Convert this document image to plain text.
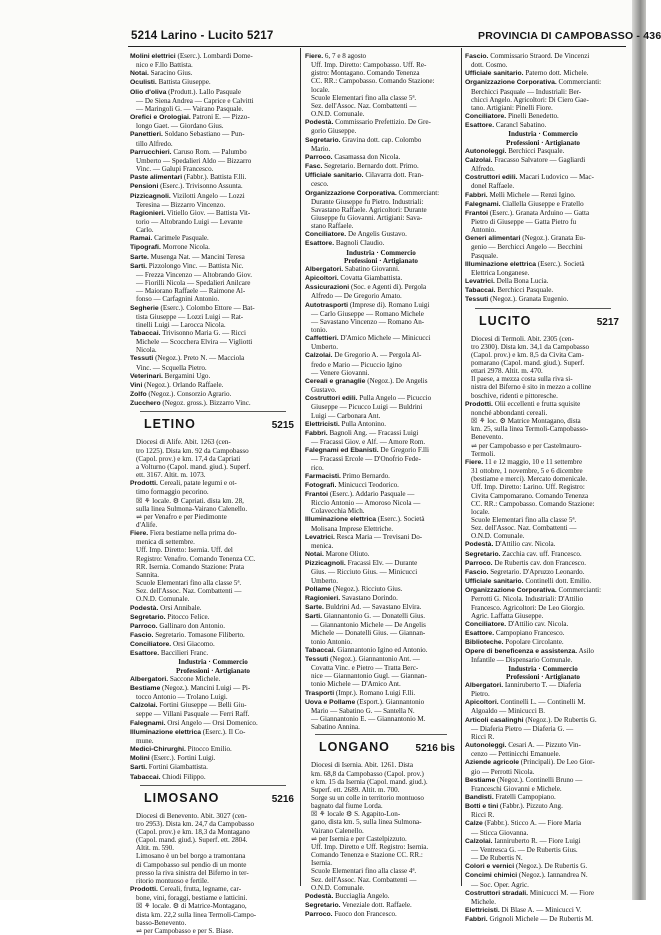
5214 Larino - Lucito 5217	PROVINCIA DI CAMPOBASSO - 436
Molini elettrici (Eserc.). Lombardi Dome-
nico e F.llo Battista.
Notai. Saracino Gius.
Oculisti. Battista Giuseppe.
Olio d'oliva (Produtt.). Lallo Pasquale
— De Siena Andrea — Caprice e Calvitti
— Maringoli G. — Vairano Pasquale.
Orefici e Orologiai. Patroni E. — Pizzo-
longo Gaet. — Giordano Gius.
Panettieri. Soldano Sebastiano — Pun-
tillo Alfredo.
Parrucchieri. Caruso Rom. — Palumbo
Umberto — Spedalieri Aldo — Bizzarro
Vinc. — Galupi Francesco.
Paste alimentari (Fabbr.). Battista F.lli.
Pensioni (Eserc.). Trivisonno Assunta.
Pizzicagnoli. Vizilotti Angelo — Lozzi
Teresina — Bizzarro Vincenzo.
Ragionieri. Vitiello Giov. — Battista Vit-
torio — Altobrando Luigi — Levante
Carlo.
Ramai. Carimele Pasquale.
Tipografi. Morrone Nicola.
Sarte. Musenga Nat. — Mancini Teresa
Sarti. Pizzolongo Vinc. — Battista Nic.
— Frezza Vincenzo — Altobrando Giov.
— Fiorilli Nicola — Spedalieri Anilcare
— Maiorano Raffaele — Raimone Al-
fonso — Carfagnini Antonio.
Segherie (Eserc.). Colombo Ettore — Bat-
tista Giuseppe — Lozzi Luigi — Rat-
tinelli Luigi — Larocca Nicola.
Tabaccai. Trivisonno Maria G. — Ricci
Michele — Scocchera Elvira — Vigliotti
Nicola.
Tessuti (Negoz.). Preto N. — Macciola
Vinc. — Scquella Pietro.
Veterinari. Bergamini Ugo.
Vini (Negoz.). Orlando Raffaele.
Zolfo (Negoz.). Consorzio Agrario.
Zucchero (Negoz. gross.). Bizzarro Vinc.
LETINO	5215
Diocesi di Alife. Abit. 1263 (cen-
tro 1225). Dista km. 92 da Campobasso
(Capol. prov.) e km. 17,4 da Capriati
a Volturno (Capol. mand. giud.). Superf.
ett. 3167. Altit. m. 1073.
Prodotti. Cereali, patate legumi e ot-
timo formaggio pecorino.
☒ ⚘ locale. ⚙ Capriati. dista km. 28,
sulla linea Sulmona-Vairano Calenello.
⇌ per Venafro e per Piedimonte
d'Alife.
Fiere. Fiera bestiame nella prima do-
menica di settembre.
Uff. Imp. Diretto: Isernia. Uff. del
Registro: Venafro. Comando Tenenza CC.
RR. Isernia. Comando Stazione: Prata
Sannita.
Scuole Elementari fino alla classe 5ª.
Sez. dell'Assoc. Naz. Combattenti —
O.N.D. Comunale.
Podestà. Orsi Annibale.
Segretario. Pitocco Felice.
Parroco. Gallinaro don Antonio.
Fascio. Segretario. Tomasone Filiberto.
Conciliatore. Orsi Giacomo.
Esattore. Baccilieri Franc.
Industria · Commercio
Professioni · Artigianato
Albergatori. Saccone Michele.
Bestiame (Negoz.). Mancini Luigi — Pi-
tocco Antonio — Trolano Luigi.
Calzolai. Fortini Giuseppe — Belli Giu-
seppe — Villani Pasquale — Ferri Raff.
Falegnami. Orsi Angelo — Orsi Domenico.
Illuminazione elettrica (Eserc.). Il Co-
mune.
Medici-Chirurghi. Pitocco Emilio.
Molini (Eserc.). Fortini Luigi.
Sarti. Fortini Giambattista.
Tabaccai. Chiodi Filippo.
LIMOSANO	5216
Diocesi di Benevento. Abit. 3027 (cen-
tro 2953). Dista km. 24,7 da Campobasso
(Capol. prov.) e km. 18,3 da Montagano
(Capol. mand. giud.). Superf. ett. 2804.
Altit. m. 590.
Limosano è un bel borgo a tramontana
di Campobasso sul pendio di un monte
presso la riva sinistra del Biferno in ter-
ritorio montuoso e fertile.
Prodotti. Cereali, frutta, legname, car-
bone, vini, foraggi, bestiame e latticini.
☒ ⚘ locale. ⚙ di Matrice-Montagano,
dista km. 22,2 sulla linea Termoli-Campo-
basso-Benevento.
⇌ per Campobasso e per S. Biase.
Fiere. 6, 7 e 8 agosto
Uff. Imp. Diretto: Campobasso. Uff. Re-
gistro: Montagano. Comando Tenenza
CC. RR.: Campobasso. Comando Stazione:
locale.
Scuole Elementari fino alla classe 5ª.
Sez. dell'Assoc. Naz. Combattenti —
O.N.D. Comunale.
Podestà. Commissario Prefettizio. De Gre-
gorio Giuseppe.
Segretario. Gravina dott. cap. Colombo
Mario.
Parroco. Casamassa don Nicola.
Fasc. Segretario. Bernardo dott. Primo.
Ufficiale sanitario. Cilavarra dott. Fran-
cesco.
Organizzazione Corporativa. Commerciant:
Durante Giuseppe fu Pietro. Industriali:
Savastano Raffaele. Agricoltori: Durante
Giuseppe fu Giovanni. Artigiani: Sava-
stano Raffaele.
Conciliatore. De Angelis Gustavo.
Esattore. Bagnoli Claudio.
Industria · Commercio
Professioni · Artigianato
Albergatori. Sabatino Giovanni.
Apicoltori. Covatta Giambattista.
Assicurazioni (Soc. e Agenti di). Pergola
Alfredo — De Gregorio Amato.
Autotrasporti (Imprese di). Romano Luigi
— Carlo Giuseppe — Romano Michele
— Savastano Vincenzo — Romano An-
tonio.
Caffettieri. D'Amico Michele — Minicucci
Umberto.
Calzolai. De Gregorio A. — Pergola Al-
fredo e Mario — Picuccio Igino
— Venere Giovanni.
Cereali e granaglie (Negoz.). De Angelis
Gustavo.
Costruttori edili. Pulla Angelo — Picuccio
Giuseppe — Picucco Luigi — Buldrini
Luigi — Carbonara Ant.
Elettricisti. Pulla Antonino.
Fabbri. Bagnoli Ang. — Fracassi Luigi
— Fracassi Giov. e Alf. — Amore Rom.
Falegnami ed Ebanisti. De Gregorio F.lli
— Fracassi Ercole — D'Onofrio Fede-
rico.
Farmacisti. Primo Bernardo.
Fotografi. Minicucci Teodorico.
Frantoi (Eserc.). Addario Pasquale —
Riccio Antonio — Amoroso Nicola —
Colavecchia Mich.
Illuminazione elettrica (Eserc.). Società
Molisana Imprese Elettriche.
Levatrici. Resca Maria — Trevisani Do-
menica.
Notai. Marone Oliuto.
Pizzicagnoli. Fracassi Elv. — Durante
Gius. — Ricciuto Gius. — Minicucci
Umberto.
Pollame (Negoz.). Ricciuto Gius.
Ragionieri. Savastano Dorindo.
Sarte. Buldrini Ad. — Savastano Elvira.
Sarti. Giannantonio G. — Donatelli Gius.
— Giannantonio Michele — De Angelis
Michele — Donatelli Gius. — Giannan-
tonio Antonio.
Tabaccai. Giannantonio Igino ed Antonio.
Tessuti (Negoz.). Giannantonio Ant. —
Covatta Vinc. e Pietro — Tratta Berc-
nice — Giannantonio Gugl. — Giannan-
tonio Michele — D'Amico Ant.
Trasporti (Impr.). Romano Luigi F.lli.
Uova e Pollame (Esport.). Giannantonio
Mario — Sabatino G. — Santella N.
— Giannantonio E. — Giannantonio M.
Sabatino Annina.
LONGANO	5216 bis
Diocesi di Isernia. Abit. 1261. Dista
km. 68,8 da Campobasso (Capol. prov.)
e km. 15 da Isernia (Capol. mand. giud.).
Superf. ett. 2689. Altit. m. 700.
Sorge su un colle in territorio montuoso
bagnato dal fiume Lorda.
☒ ⚘ locale ⚙ S. Agapito-Lon-
gano, dista km. 5, sulla linea Sulmona-
Vairano Calenello.
⇌ per Isernia e per Castelpizzuto.
Uff. Imp. Diretto e Uff. Registro: Isernia.
Comando Tenenza e Stazione CC. RR.:
Isernia.
Scuole Elementari fino alla classe 4ª.
Sez. dell'Assoc. Naz. Combattenti —
O.N.D. Comunale.
Podestà. Bucciaglia Angelo.
Segretario. Veneziale dott. Raffaele.
Parroco. Fuoco don Francesco.
Fascio. Commissario Straord. De Vincenzi
dott. Cosmo.
Ufficiale sanitario. Paterno dott. Michele.
Organizzazione Corporativa. Commercianti:
Berchicci Pasquale — Industriali: Ber-
chicci Angelo. Agricoltori: Di Ciero Gae-
tano. Artigiani: Pinelli Fiore.
Conciliatore. Pinelli Benedetto.
Esattore. Carancl Sabatino.
Industria · Commercio
Professioni · Artigianato
Autonoleggi. Berchicci Pasquale.
Calzolai. Fracasso Salvatore — Gagliardi
Alfredo.
Costruttori edili. Macari Ludovico — Mac-
donel Raffaele.
Fabbri. Melli Michele — Renzi Igino.
Falegnami. Ciallella Giuseppe e Fratello
Frantoi (Eserc.). Granata Arduino — Gatta
Pietro di Giuseppe — Gatta Pietro fu
Antonio.
Generi alimentari (Negoz.). Granata Eu-
genio — Berchicci Angelo — Becchini
Pasquale.
Illuminazione elettrica (Eserc.). Società
Elettrica Longanese.
Levatrici. Della Bona Lucia.
Tabaccai. Berchicci Pasquale.
Tessuti (Negoz.). Granata Eugenio.
LUCITO	5217
Diocesi di Termoli. Abit. 2305 (cen-
tro 2300). Dista km. 34,1 da Campobasso
(Capol. prov.) e km. 8,5 da Civita Cam-
pomarano (Capol. mand. giud.). Superf.
ettari 2978. Altit. m. 470.
Il paese, a mezza costa sulla riva si-
nistra del Biferno è sito in mezzo a colline
boschive, ridenti e pittoresche.
Prodotti. Olii eccellenti e frutta squisite
nonché abbondanti cereali.
☒ ⚘ loc. ⚙ Matrice Montagano, dista
km. 25, sulla linea Termoli-Campobasso-
Benevento.
⇌ per Campobasso e per Castelmauro-
Termoli.
Fiere. 11 e 12 maggio, 10 e 11 settembre
31 ottobre, 1 novembre, 5 e 6 dicembre
(bestiame e merci). Mercato domenicale.
Uff. Imp. Diretto: Larino. Uff. Registro:
Civita Campomarano. Comando Tenenza
CC. RR.: Campobasso. Comando Stazione:
locale.
Scuole Elementari fino alla classe 5ª.
Sez. dell'Assoc. Naz. Combattenti —
O.N.D. Comunale.
Podestà. D'Attilio cav. Nicola.
Segretario. Zacchia cav. uff. Francesco.
Parroco. De Rubertis cav. don Francesco.
Fascio. Segretario. D'Apruzzo Leonardo.
Ufficiale sanitario. Continelli dott. Emilio.
Organizzazione Corporativa. Commercianti:
Perrotti G. Nicola. Industriali: D'Attilio
Francesco. Agricoltori: De Leo Giorgio.
Agric. Laffatta Giuseppe.
Conciliatore. D'Attilio cav. Nicola.
Esattore. Campopiano Francesco.
Biblioteche. Popolare Circolante.
Opere di beneficenza e assistenza. Asilo
Infantile — Dispensario Comunale.
Industria · Commercio
Professioni · Artigianato
Albergatori. Ianniruberto T. — Diaferia
Pietro.
Apicoltori. Continelli L. — Continelli M.
Algoaldo — Minicucci B.
Articoli casalinghi (Negoz.). De Rubertis G.
— Diaferia Pietro — Diaferia G. —
Ricci R.
Autonoleggi. Cesari A. — Pizzuto Vin-
cenzo — Pettinicchi Emanuele.
Aziende agricole (Principali). De Leo Gior-
gio — Perrotti Nicola.
Bestiame (Negoz.). Continelli Bruno —
Franceschi Giovanni e Michele.
Bandisti. Fratelli Campopiano.
Botti e tini (Fabbr.). Pizzuto Ang.
Ricci R.
Calze (Fabbr.). Sticco A. — Fiore Maria
— Sticca Giovanna.
Calzolai. Ianniruberto R. — Fiore Luigi
— Ventresca G. — De Rubertis Gius.
— De Rubertis N.
Colori e vernici (Negoz.). De Rubertis G.
Concimi chimici (Negoz.). Iannandrea N.
— Soc. Oper. Agric.
Costruttori stradali. Minicucci M. — Fiore
Michele.
Elettricisti. Di Blase A. — Minicucci V.
Fabbri. Grignoli Michele — De Rubertis M.
